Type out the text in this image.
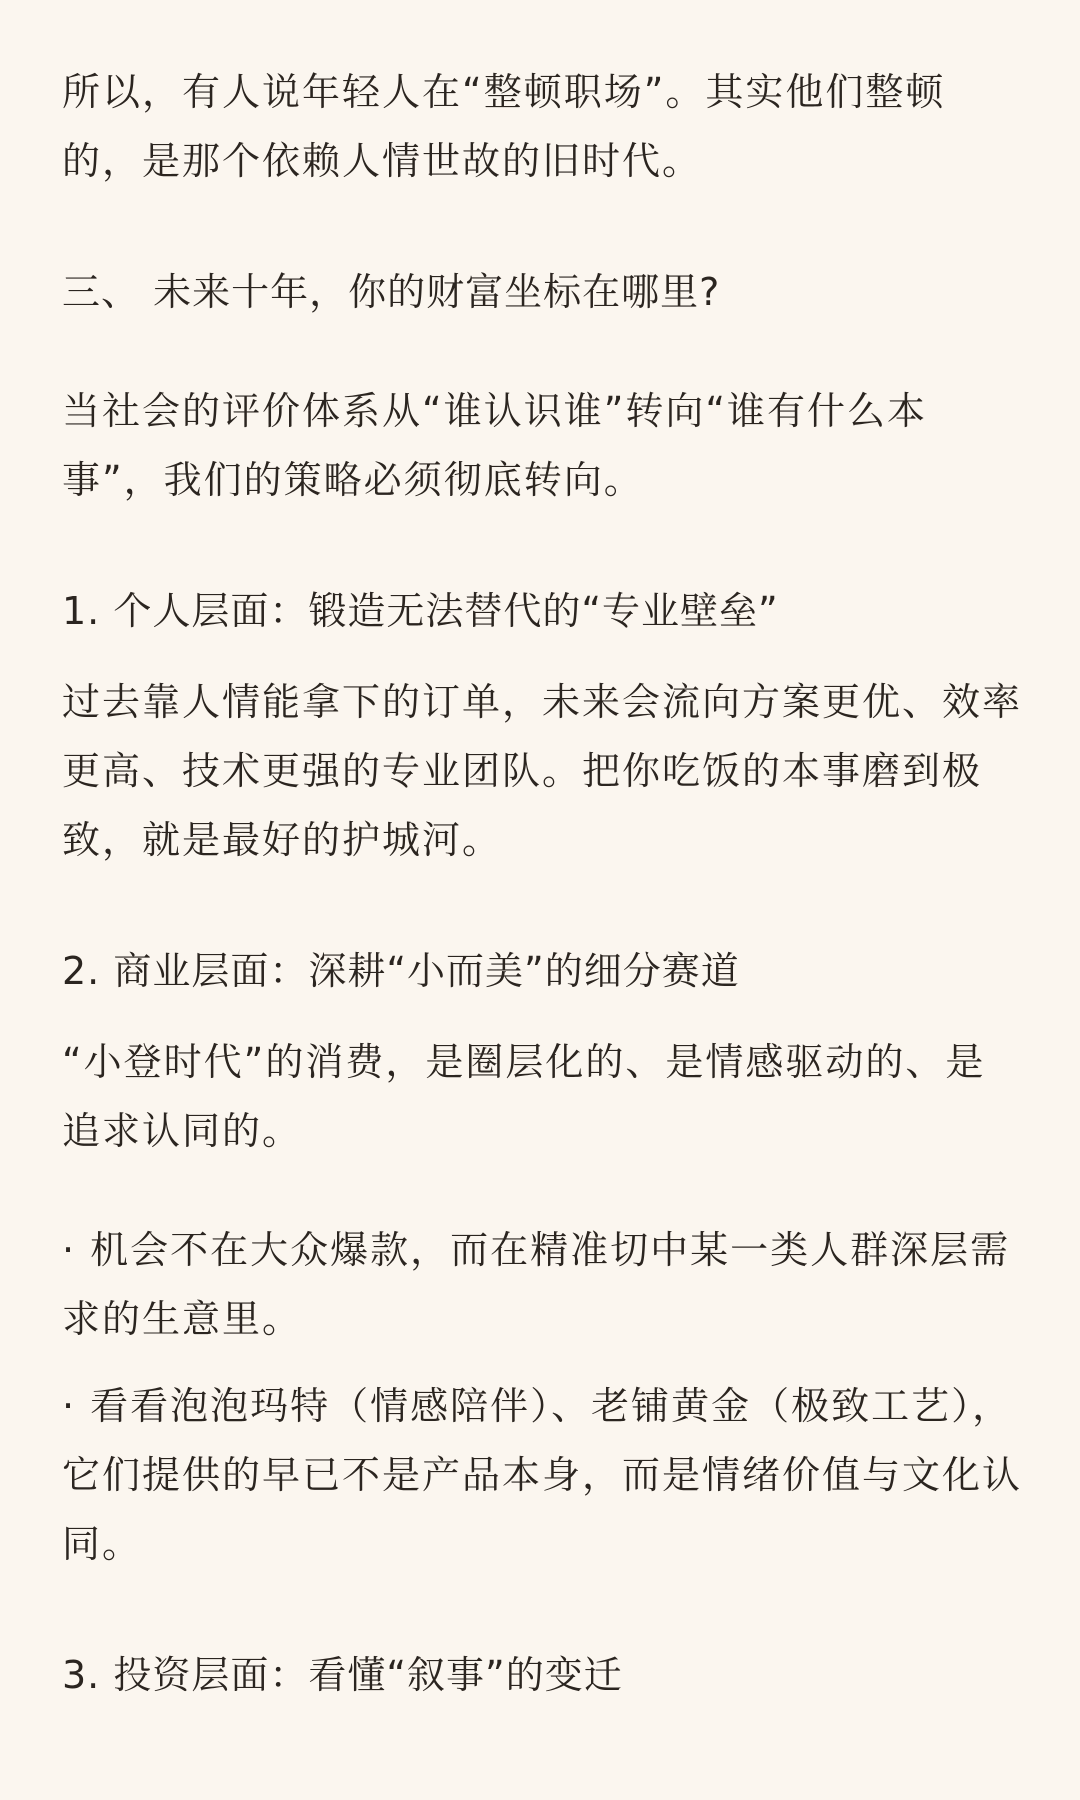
所以，有人说年轻人在“整顿职场”。其实他们整顿的，是那个依赖人情世故的旧时代。

三、 未来十年，你的财富坐标在哪里?

当社会的评价体系从“谁认识谁”转向“谁有什么本事”，我们的策略必须彻底转向。

1. 个人层面：锻造无法替代的“专业壁垒”

过去靠人情能拿下的订单，未来会流向方案更优、效率更高、技术更强的专业团队。把你吃饭的本事磨到极致，就是最好的护城河。

2. 商业层面：深耕“小而美”的细分赛道

“小登时代”的消费，是圈层化的、是情感驱动的、是追求认同的。

· 机会不在大众爆款，而在精准切中某一类人群深层需求的生意里。

· 看看泡泡玛特（情感陪伴）、老铺黄金（极致工艺），它们提供的早已不是产品本身，而是情绪价值与文化认同。

3. 投资层面：看懂“叙事”的变迁
